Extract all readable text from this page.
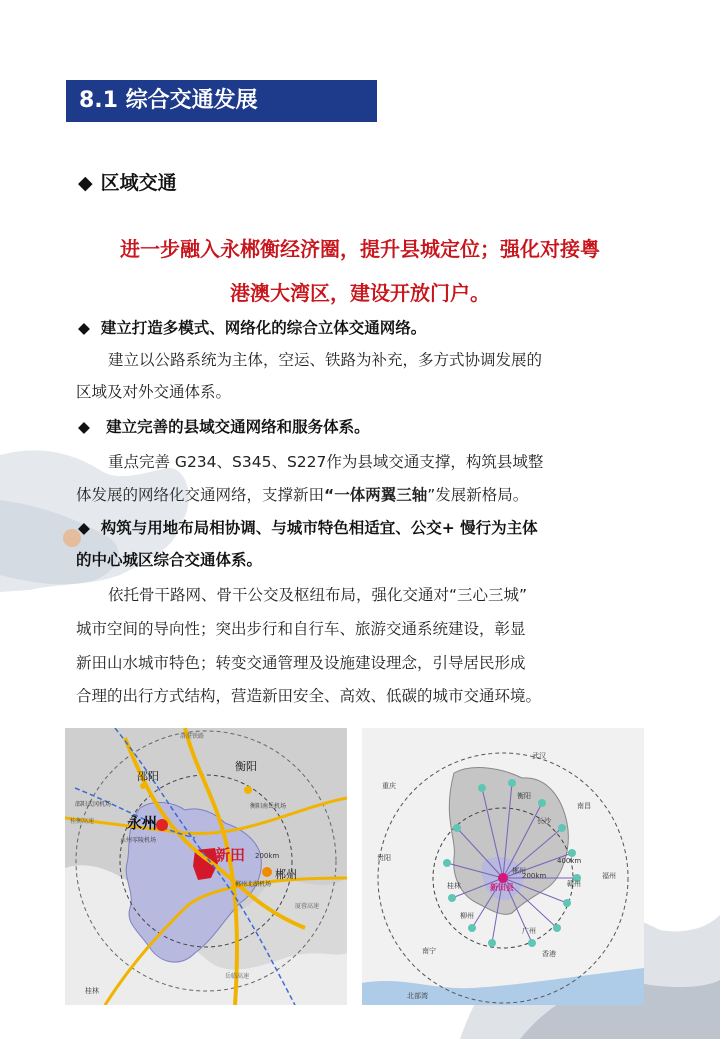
8.1 综合交通发展
◆ 区域交通
进一步融入永郴衡经济圈，提升县城定位；强化对接粤
港澳大湾区，建设开放门户。
◆ 建立打造多模式、网络化的综合立体交通网络。
建立以公路系统为主体，空运、铁路为补充，多方式协调发展的
区域及对外交通体系。
◆ 建立完善的县域交通网络和服务体系。
重点完善 G234、S345、S227作为县域交通支撑，构筑县域整
体发展的网络化交通网络，支撑新田“一体两翼三轴”发展新格局。
◆ 构筑与用地布局相协调、与城市特色相适宜、公交+ 慢行为主体
的中心城区综合交通体系。
依托骨干路网、骨干公交及枢纽布局，强化交通对“三心三城”
城市空间的导向性；突出步行和自行车、旅游交通系统建设，彰显
新田山水城市特色；转变交通管理及设施建设理念，引导居民形成
合理的出行方式结构，营造新田安全、高效、低碳的城市交通环境。
邵阳
衡阳
永州
新田
郴州
邵阳武冈机场	衡阳南岳机场
永州零陵机场
郴州北湖机场
200km
桂林
洛湛铁路
桂衡高速
厦蓉高速
岳临高速
武汉
重庆
长沙
贵阳
南昌
桂林
广州
福州
南宁
赣州
衡阳
郴州
柳州
新田县
400km
200km
北部湾
香港
